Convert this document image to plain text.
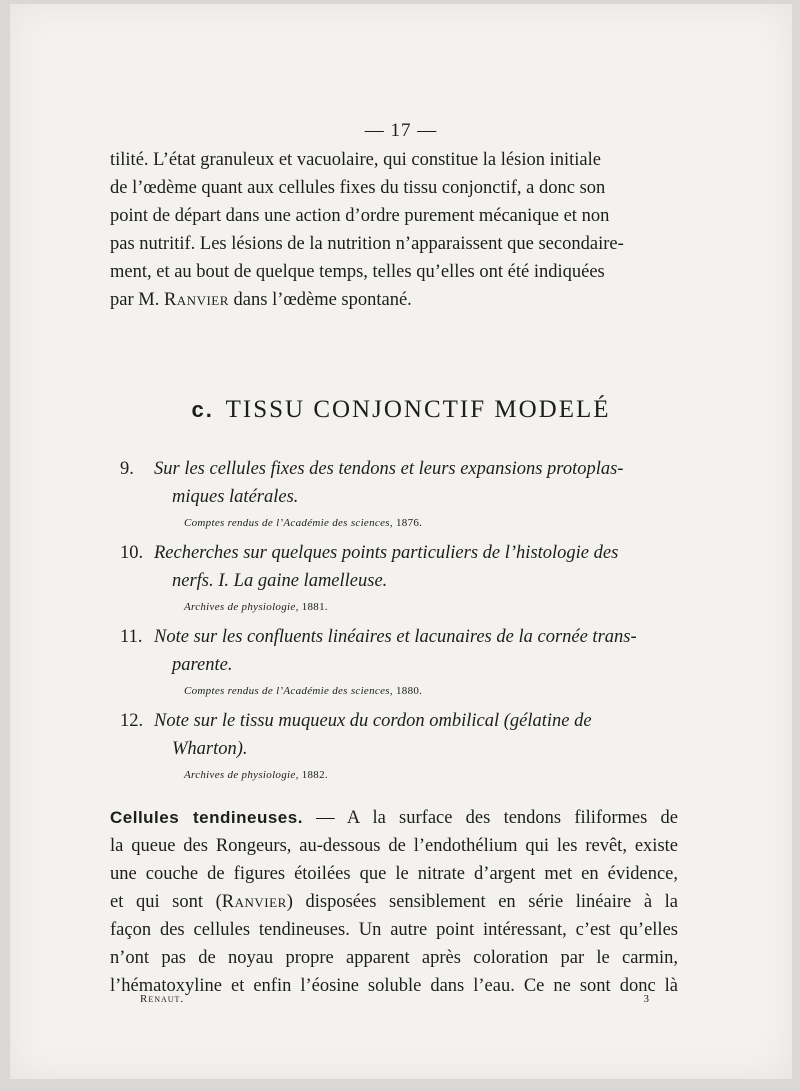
— 17 —

tilité. L’état granuleux et vacuolaire, qui constitue la lésion initiale

de l’œdème quant aux cellules fixes du tissu conjonctif, a donc son

point de départ dans une action d’ordre purement mécanique et non

pas nutritif. Les lésions de la nutrition n’apparaissent que secondaire-

ment, et au bout de quelque temps, telles qu’elles ont été indiquées

par M. Ranvier dans l’œdème spontané.

c. TISSU CONJONCTIF MODELÉ
9. Sur les cellules fixes des tendons et leurs expansions protoplas-
miques latérales.
Comptes rendus de l’Académie des sciences, 1876.
10. Recherches sur quelques points particuliers de l’histologie des
nerfs. I. La gaine lamelleuse.
Archives de physiologie, 1881.
11. Note sur les confluents linéaires et lacunaires de la cornée trans-
parente.
Comptes rendus de l’Académie des sciences, 1880.
12. Note sur le tissu muqueux du cordon ombilical (gélatine de
Wharton).
Archives de physiologie, 1882.

Cellules tendineuses. — A la surface des tendons filiformes de

la queue des Rongeurs, au-dessous de l’endothélium qui les revêt, existe

une couche de figures étoilées que le nitrate d’argent met en évidence,

et qui sont (Ranvier) disposées sensiblement en série linéaire à la

façon des cellules tendineuses. Un autre point intéressant, c’est qu’elles

n’ont pas de noyau propre apparent après coloration par le carmin,

l’hématoxyline et enfin l’éosine soluble dans l’eau. Ce ne sont donc là

Renaut.	3
